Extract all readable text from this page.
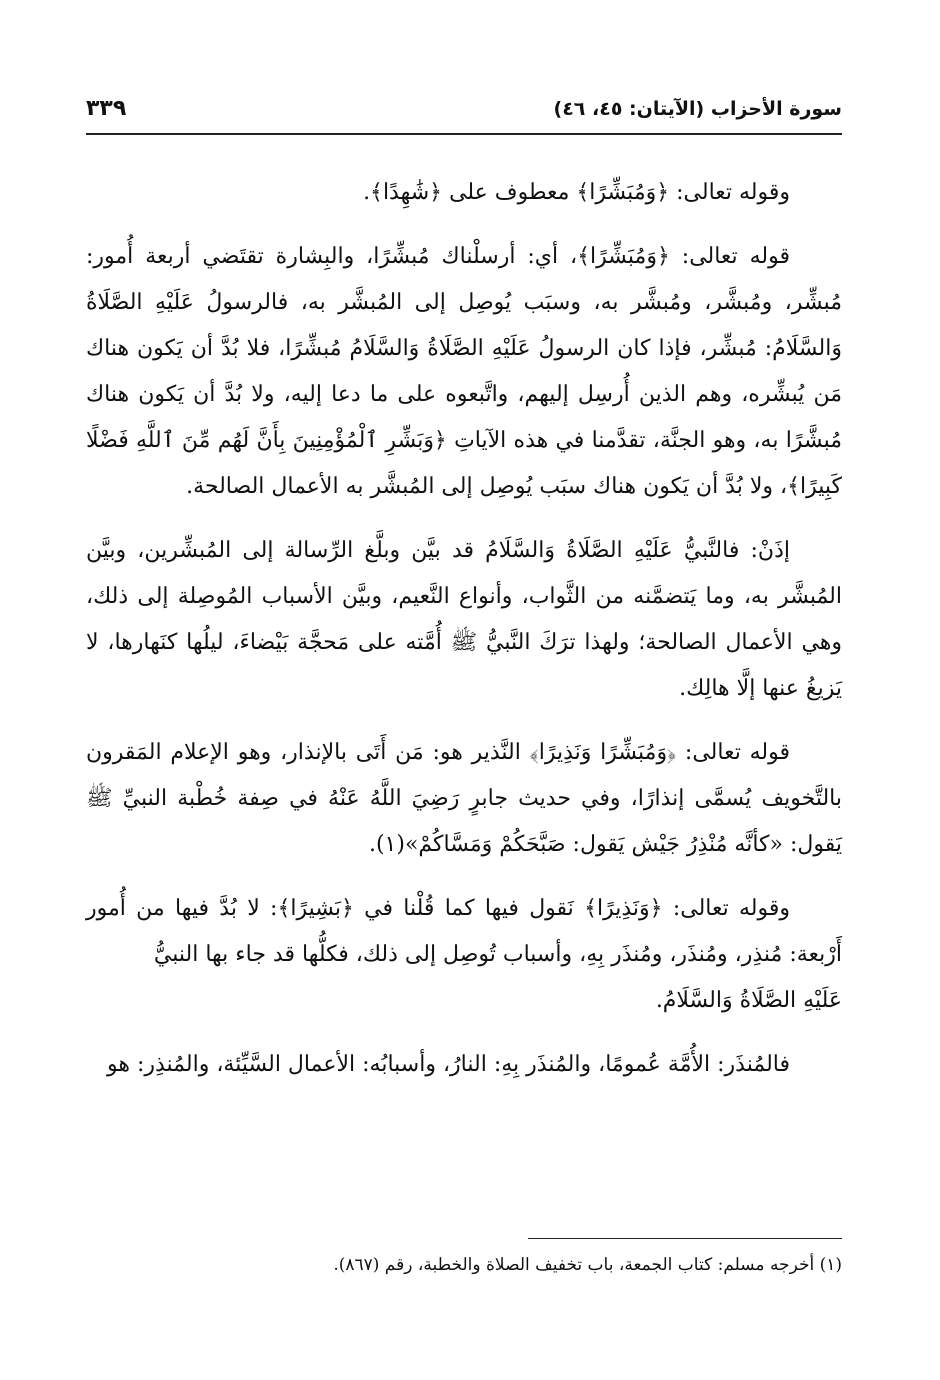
سورة الأحزاب (الآيتان: ٤٥، ٤٦)
٣٣٩

وقوله تعالى: ﴿وَمُبَشِّرًا﴾ معطوف على ﴿شَٰهِدًا﴾.

قوله تعالى: ﴿وَمُبَشِّرًا﴾، أي: أرسلْناك مُبشِّرًا، والبِشارة تقتَضي أربعة أُمور: مُبشِّر، ومُبشَّر، ومُبشَّر به، وسبَب يُوصِل إلى المُبشَّر به، فالرسولُ عَلَيْهِ الصَّلَاةُ وَالسَّلَامُ: مُبشِّر، فإذا كان الرسولُ عَلَيْهِ الصَّلَاةُ وَالسَّلَامُ مُبشِّرًا، فلا بُدَّ أن يَكون هناك مَن يُبشِّره، وهم الذين أُرسِل إليهم، واتَّبعوه على ما دعا إليه، ولا بُدَّ أن يَكون هناك مُبشَّرًا به، وهو الجنَّة، تقدَّمنا في هذه الآياتِ ﴿وَبَشِّرِ ٱلْمُؤْمِنِينَ بِأَنَّ لَهُم مِّنَ ٱللَّهِ فَضْلًا كَبِيرًا﴾، ولا بُدَّ أن يَكون هناك سبَب يُوصِل إلى المُبشَّر به الأعمال الصالحة.

إذَنْ: فالنَّبيُّ عَلَيْهِ الصَّلَاةُ وَالسَّلَامُ قد بيَّن وبلَّغ الرِّسالة إلى المُبشِّرين، وبيَّن المُبشَّر به، وما يَتضمَّنه من الثَّواب، وأنواع النَّعيم، وبيَّن الأسباب المُوصِلة إلى ذلك، وهي الأعمال الصالحة؛ ولهذا ترَكَ النَّبيُّ ﷺ أُمَّته على مَحجَّة بَيْضاءَ، ليلُها كنَهارها، لا يَزيغُ عنها إلَّا هالِك.

قوله تعالى: ﴿وَمُبَشِّرًا وَنَذِيرًا﴾ النَّذير هو: مَن أَتَى بالإنذار، وهو الإعلام المَقرون بالتَّخويف يُسمَّى إنذارًا، وفي حديث جابرٍ رَضِيَ اللَّهُ عَنْهُ في صِفة خُطْبة النبيِّ ﷺ يَقول: «كأنَّه مُنْذِرُ جَيْش يَقول: صَبَّحَكُمْ وَمَسَّاكُمْ»(١).

وقوله تعالى: ﴿وَنَذِيرًا﴾ نَقول فيها كما قُلْنا في ﴿بَشِيرًا﴾: لا بُدَّ فيها من أُمور أَرْبعة: مُنذِر، ومُنذَر، ومُنذَر بِهِ، وأسباب تُوصِل إلى ذلك، فكلُّها قد جاء بها النبيُّ

عَلَيْهِ الصَّلَاةُ وَالسَّلَامُ.

فالمُنذَر: الأُمَّة عُمومًا، والمُنذَر بِهِ: النارُ، وأسبابُه: الأعمال السَّيِّئة، والمُنذِر: هو

(١) أخرجه مسلم: كتاب الجمعة، باب تخفيف الصلاة والخطبة، رقم (٨٦٧).
